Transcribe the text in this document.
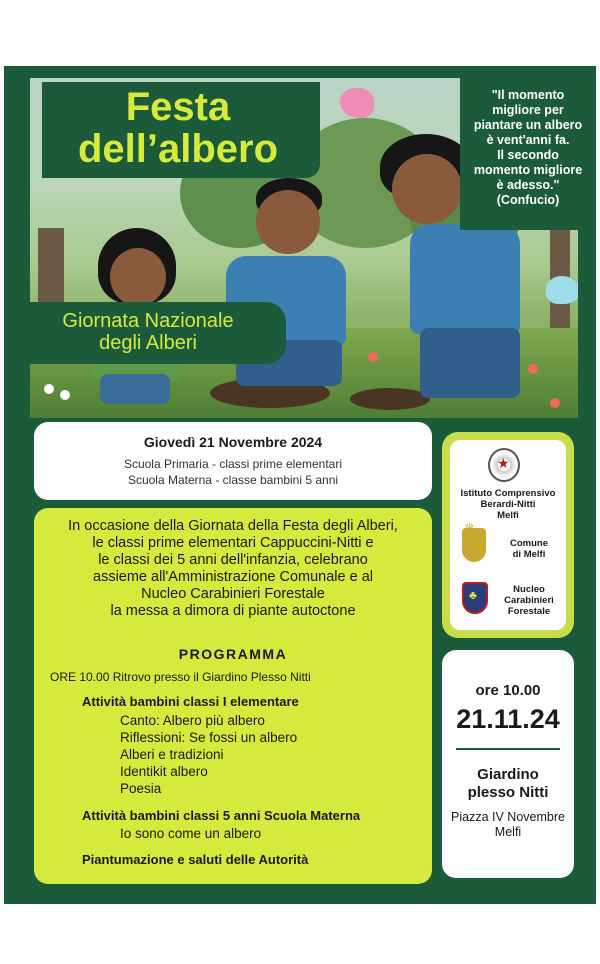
Festa
dell’albero
"Il momento
migliore per
piantare un albero
è vent'anni fa.
Il secondo
momento migliore
è adesso."
(Confucio)
Giornata Nazionale
degli Alberi
Giovedì 21 Novembre 2024
Scuola Primaria - classi prime elementari
Scuola Materna - classe bambini 5 anni
★
Istituto Comprensivo
Berardi-Nitti
Melfi
Comune
di Melfi
♣	Nucleo
Carabinieri
Forestale
In occasione della Giornata della Festa degli Alberi,
le classi prime elementari Cappuccini-Nitti e
le classi dei 5 anni dell'infanzia, celebrano
assieme all'Amministrazione Comunale e al
Nucleo Carabinieri Forestale
la messa a dimora di piante autoctone
PROGRAMMA
ORE 10.00 Ritrovo presso il Giardino Plesso Nitti
Attività bambini classi I elementare
Canto: Albero più albero
Riflessioni: Se fossi un albero
Alberi e tradizioni
Identikit albero
Poesia
Attività bambini classi 5 anni Scuola Materna
Io sono come un albero
Piantumazione e saluti delle Autorità
ore 10.00
21.11.24
Giardino
plesso Nitti
Piazza IV Novembre
Melfi
